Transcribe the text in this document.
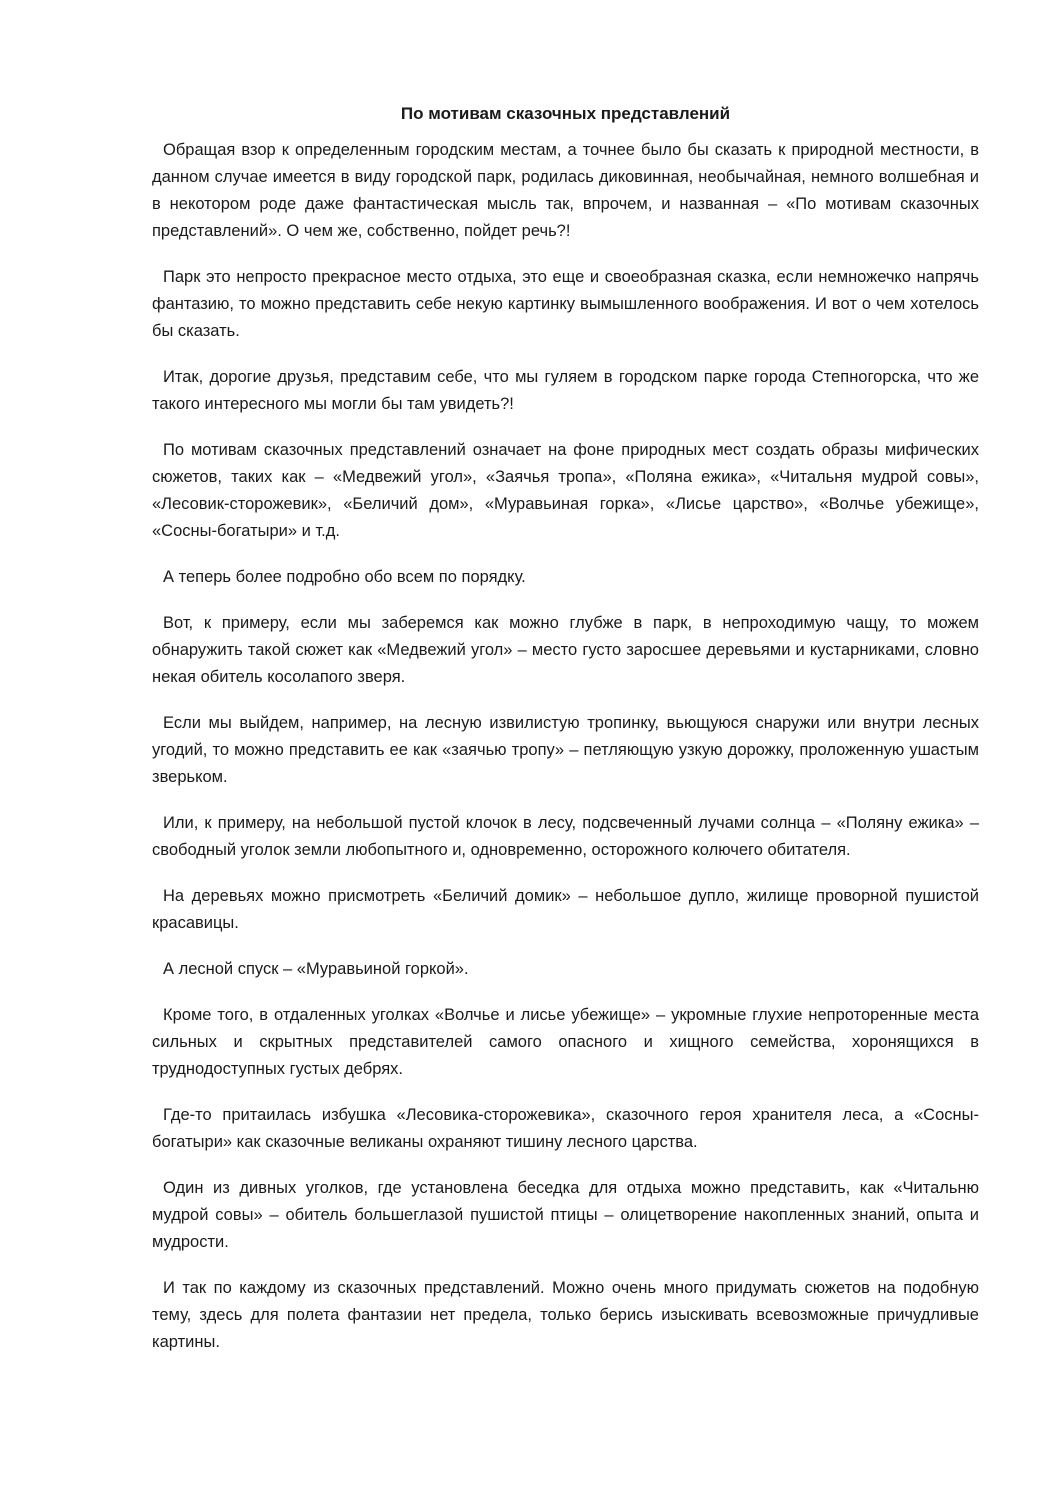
По мотивам сказочных представлений

Обращая взор к определенным городским местам, а точнее было бы сказать к природной местности, в данном случае имеется в виду городской парк, родилась диковинная, необычайная, немного волшебная и в некотором роде даже фантастическая мысль так, впрочем, и названная – «По мотивам сказочных представлений». О чем же, собственно, пойдет речь?!

Парк это непросто прекрасное место отдыха, это еще и своеобразная сказка, если немножечко напрячь фантазию, то можно представить себе некую картинку вымышленного воображения. И вот о чем хотелось бы сказать.

Итак, дорогие друзья, представим себе, что мы гуляем в городском парке города Степногорска, что же такого интересного мы могли бы там увидеть?!

По мотивам сказочных представлений означает на фоне природных мест создать образы мифических сюжетов, таких как – «Медвежий угол», «Заячья тропа», «Поляна ежика», «Читальня мудрой совы», «Лесовик-сторожевик», «Беличий дом», «Муравьиная горка», «Лисье царство», «Волчье убежище», «Сосны-богатыри» и т.д.

А теперь более подробно обо всем по порядку.

Вот, к примеру, если мы заберемся как можно глубже в парк, в непроходимую чащу, то можем обнаружить такой сюжет как «Медвежий угол» – место густо заросшее деревьями и кустарниками, словно некая обитель косолапого зверя.

Если мы выйдем, например, на лесную извилистую тропинку, вьющуюся снаружи или внутри лесных угодий, то можно представить ее как «заячью тропу» – петляющую узкую дорожку, проложенную ушастым зверьком.

Или, к примеру, на небольшой пустой клочок в лесу, подсвеченный лучами солнца – «Поляну ежика» – свободный уголок земли любопытного и, одновременно, осторожного колючего обитателя.

На деревьях можно присмотреть «Беличий домик» – небольшое дупло, жилище проворной пушистой красавицы.

А лесной спуск – «Муравьиной горкой».

Кроме того, в отдаленных уголках «Волчье и лисье убежище» – укромные глухие непроторенные места сильных и скрытных представителей самого опасного и хищного семейства, хоронящихся в труднодоступных густых дебрях.

Где-то притаилась избушка «Лесовика-сторожевика», сказочного героя хранителя леса, а «Сосны-богатыри» как сказочные великаны охраняют тишину лесного царства.

Один из дивных уголков, где установлена беседка для отдыха можно представить, как «Читальню мудрой совы» – обитель большеглазой пушистой птицы – олицетворение накопленных знаний, опыта и мудрости.

И так по каждому из сказочных представлений. Можно очень много придумать сюжетов на подобную тему, здесь для полета фантазии нет предела, только берись изыскивать всевозможные причудливые картины.
